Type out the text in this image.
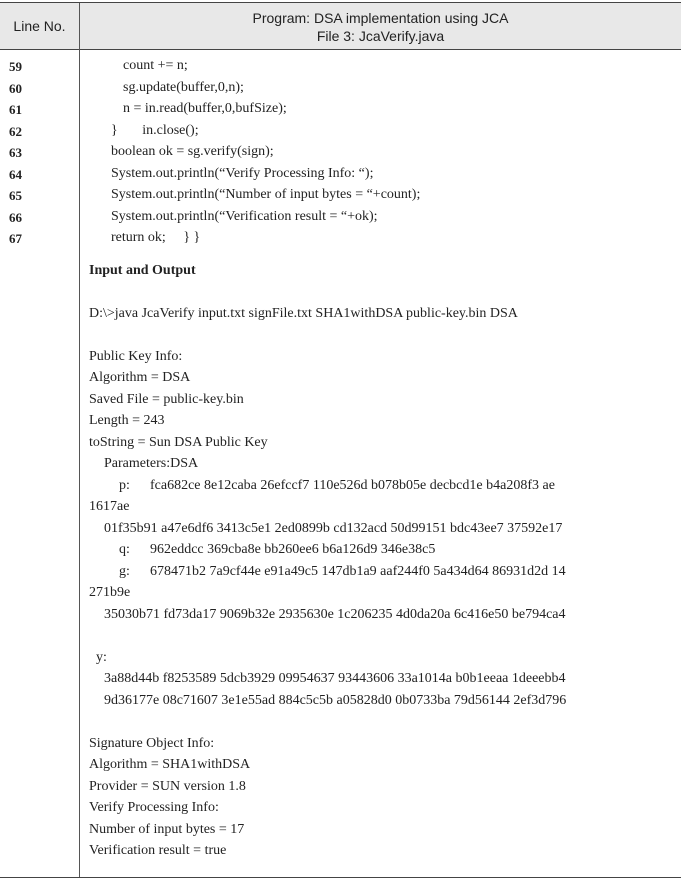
Line No.	Program: DSA implementation using JCA
File 3: JcaVerify.java
59
60
61
62
63
64
65
66
67
count += n;
sg.update(buffer,0,n);
n = in.read(buffer,0,bufSize);
}       in.close();
boolean ok = sg.verify(sign);
System.out.println(“Verify Processing Info: “);
System.out.println(“Number of input bytes = “+count);
System.out.println(“Verification result = “+ok);
return ok;     } }
Input and Output
D:\>java JcaVerify input.txt signFile.txt SHA1withDSA public-key.bin DSA
Public Key Info:
Algorithm = DSA
Saved File = public-key.bin
Length = 243
toString = Sun DSA Public Key
Parameters:DSA
p: fca682ce 8e12caba 26efccf7 110e526d b078b05e decbcd1e b4a208f3 ae
1617ae
01f35b91 a47e6df6 3413c5e1 2ed0899b cd132acd 50d99151 bdc43ee7 37592e17
q: 962eddcc 369cba8e bb260ee6 b6a126d9 346e38c5
g: 678471b2 7a9cf44e e91a49c5 147db1a9 aaf244f0 5a434d64 86931d2d 14
271b9e
35030b71 fd73da17 9069b32e 2935630e 1c206235 4d0da20a 6c416e50 be794ca4
y:
3a88d44b f8253589 5dcb3929 09954637 93443606 33a1014a b0b1eeaa 1deeebb4
9d36177e 08c71607 3e1e55ad 884c5c5b a05828d0 0b0733ba 79d56144 2ef3d796
Signature Object Info:
Algorithm = SHA1withDSA
Provider = SUN version 1.8
Verify Processing Info:
Number of input bytes = 17
Verification result = true
